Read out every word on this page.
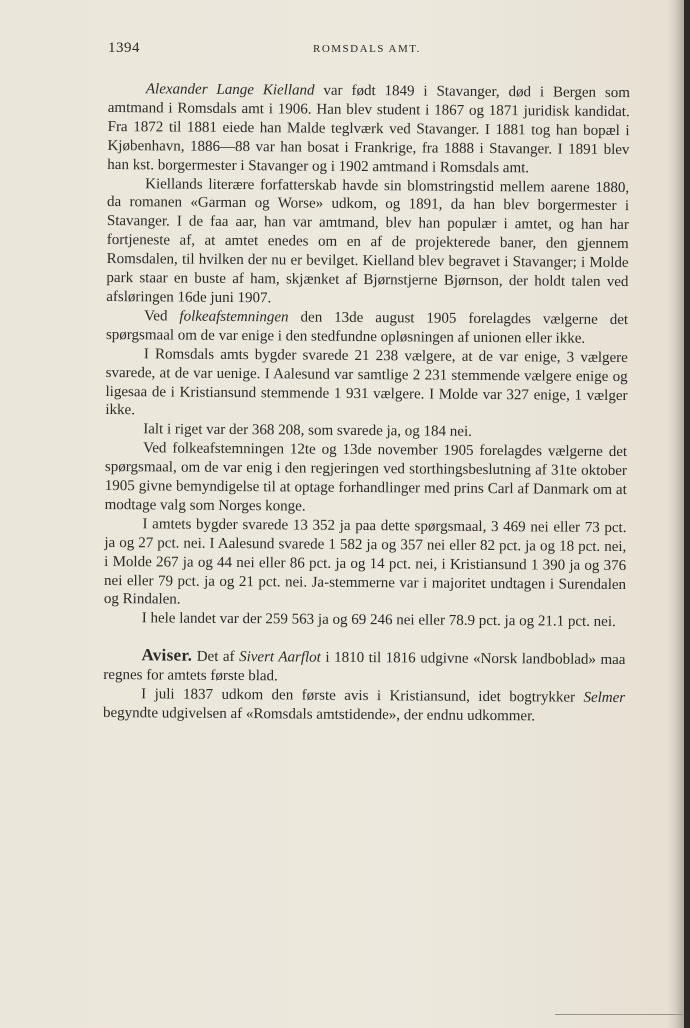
1394	ROMSDALS AMT.

Alexander Lange Kielland var født 1849 i Stavanger, død i Bergen som amtmand i Romsdals amt i 1906. Han blev student i 1867 og 1871 juridisk kandidat. Fra 1872 til 1881 eiede han Malde teglværk ved Stavanger. I 1881 tog han bopæl i Kjøbenhavn, 1886—88 var han bosat i Frankrige, fra 1888 i Stavanger. I 1891 blev han kst. borgermester i Stavanger og i 1902 amtmand i Romsdals amt.

Kiellands literære forfatterskab havde sin blomstringstid mellem aarene 1880, da romanen «Garman og Worse» udkom, og 1891, da han blev borgermester i Stavanger. I de faa aar, han var amtmand, blev han populær i amtet, og han har fortjeneste af, at amtet enedes om en af de projekterede baner, den gjennem Romsdalen, til hvilken der nu er bevilget. Kielland blev begravet i Stavanger; i Molde park staar en buste af ham, skjænket af Bjørnstjerne Bjørnson, der holdt talen ved afsløringen 16de juni 1907.

Ved folkeafstemningen den 13de august 1905 forelagdes vælgerne det spørgsmaal om de var enige i den stedfundne opløsningen af unionen eller ikke.

I Romsdals amts bygder svarede 21 238 vælgere, at de var enige, 3 vælgere svarede, at de var uenige. I Aalesund var samtlige 2 231 stemmende vælgere enige og ligesaa de i Kristiansund stemmende 1 931 vælgere. I Molde var 327 enige, 1 vælger ikke.

Ialt i riget var der 368 208, som svarede ja, og 184 nei.

Ved folkeafstemningen 12te og 13de november 1905 forelagdes vælgerne det spørgsmaal, om de var enig i den regjeringen ved storthingsbeslutning af 31te oktober 1905 givne bemyndigelse til at optage forhandlinger med prins Carl af Danmark om at modtage valg som Norges konge.

I amtets bygder svarede 13 352 ja paa dette spørgsmaal, 3 469 nei eller 73 pct. ja og 27 pct. nei. I Aalesund svarede 1 582 ja og 357 nei eller 82 pct. ja og 18 pct. nei, i Molde 267 ja og 44 nei eller 86 pct. ja og 14 pct. nei, i Kristiansund 1 390 ja og 376 nei eller 79 pct. ja og 21 pct. nei. Ja-stemmerne var i majoritet undtagen i Surendalen og Rindalen.

I hele landet var der 259 563 ja og 69 246 nei eller 78.9 pct. ja og 21.1 pct. nei.

Aviser. Det af Sivert Aarflot i 1810 til 1816 udgivne «Norsk landboblad» maa regnes for amtets første blad.

I juli 1837 udkom den første avis i Kristiansund, idet bogtrykker Selmer begyndte udgivelsen af «Romsdals amtstidende», der endnu udkommer.
